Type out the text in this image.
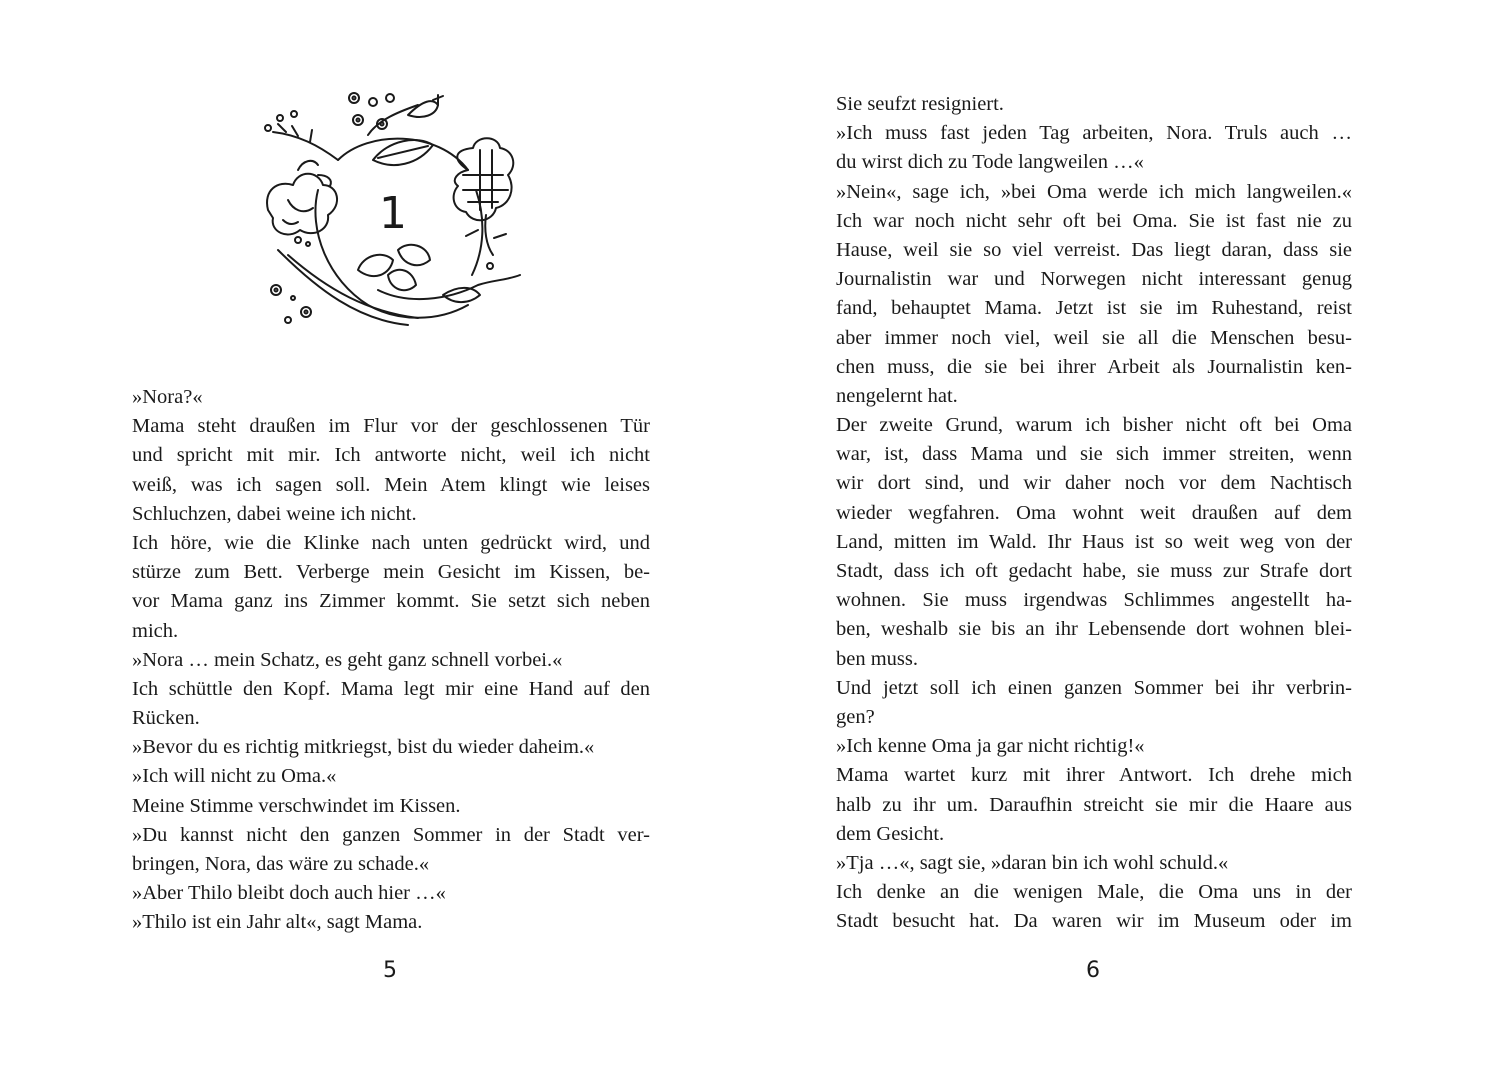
1
»Nora?«
Mama steht draußen im Flur vor der geschlossenen Tür
und spricht mit mir. Ich antworte nicht, weil ich nicht
weiß, was ich sagen soll. Mein Atem klingt wie leises
Schluchzen, dabei weine ich nicht.
Ich höre, wie die Klinke nach unten gedrückt wird, und
stürze zum Bett. Verberge mein Gesicht im Kissen, be-
vor Mama ganz ins Zimmer kommt. Sie setzt sich neben
mich.
»Nora … mein Schatz, es geht ganz schnell vorbei.«
Ich schüttle den Kopf. Mama legt mir eine Hand auf den
Rücken.
»Bevor du es richtig mitkriegst, bist du wieder daheim.«
»Ich will nicht zu Oma.«
Meine Stimme verschwindet im Kissen.
»Du kannst nicht den ganzen Sommer in der Stadt ver-
bringen, Nora, das wäre zu schade.«
»Aber Thilo bleibt doch auch hier …«
»Thilo ist ein Jahr alt«, sagt Mama.
5
Sie seufzt resigniert.
»Ich muss fast jeden Tag arbeiten, Nora. Truls auch …
du wirst dich zu Tode langweilen …«
»Nein«, sage ich, »bei Oma werde ich mich langweilen.«
Ich war noch nicht sehr oft bei Oma. Sie ist fast nie zu
Hause, weil sie so viel verreist. Das liegt daran, dass sie
Journalistin war und Norwegen nicht interessant genug
fand, behauptet Mama. Jetzt ist sie im Ruhestand, reist
aber immer noch viel, weil sie all die Menschen besu-
chen muss, die sie bei ihrer Arbeit als Journalistin ken-
nengelernt hat.
Der zweite Grund, warum ich bisher nicht oft bei Oma
war, ist, dass Mama und sie sich immer streiten, wenn
wir dort sind, und wir daher noch vor dem Nachtisch
wieder wegfahren. Oma wohnt weit draußen auf dem
Land, mitten im Wald. Ihr Haus ist so weit weg von der
Stadt, dass ich oft gedacht habe, sie muss zur Strafe dort
wohnen. Sie muss irgendwas Schlimmes angestellt ha-
ben, weshalb sie bis an ihr Lebensende dort wohnen blei-
ben muss.
Und jetzt soll ich einen ganzen Sommer bei ihr verbrin-
gen?
»Ich kenne Oma ja gar nicht richtig!«
Mama wartet kurz mit ihrer Antwort. Ich drehe mich
halb zu ihr um. Daraufhin streicht sie mir die Haare aus
dem Gesicht.
»Tja …«, sagt sie, »daran bin ich wohl schuld.«
Ich denke an die wenigen Male, die Oma uns in der
Stadt besucht hat. Da waren wir im Museum oder im
6
